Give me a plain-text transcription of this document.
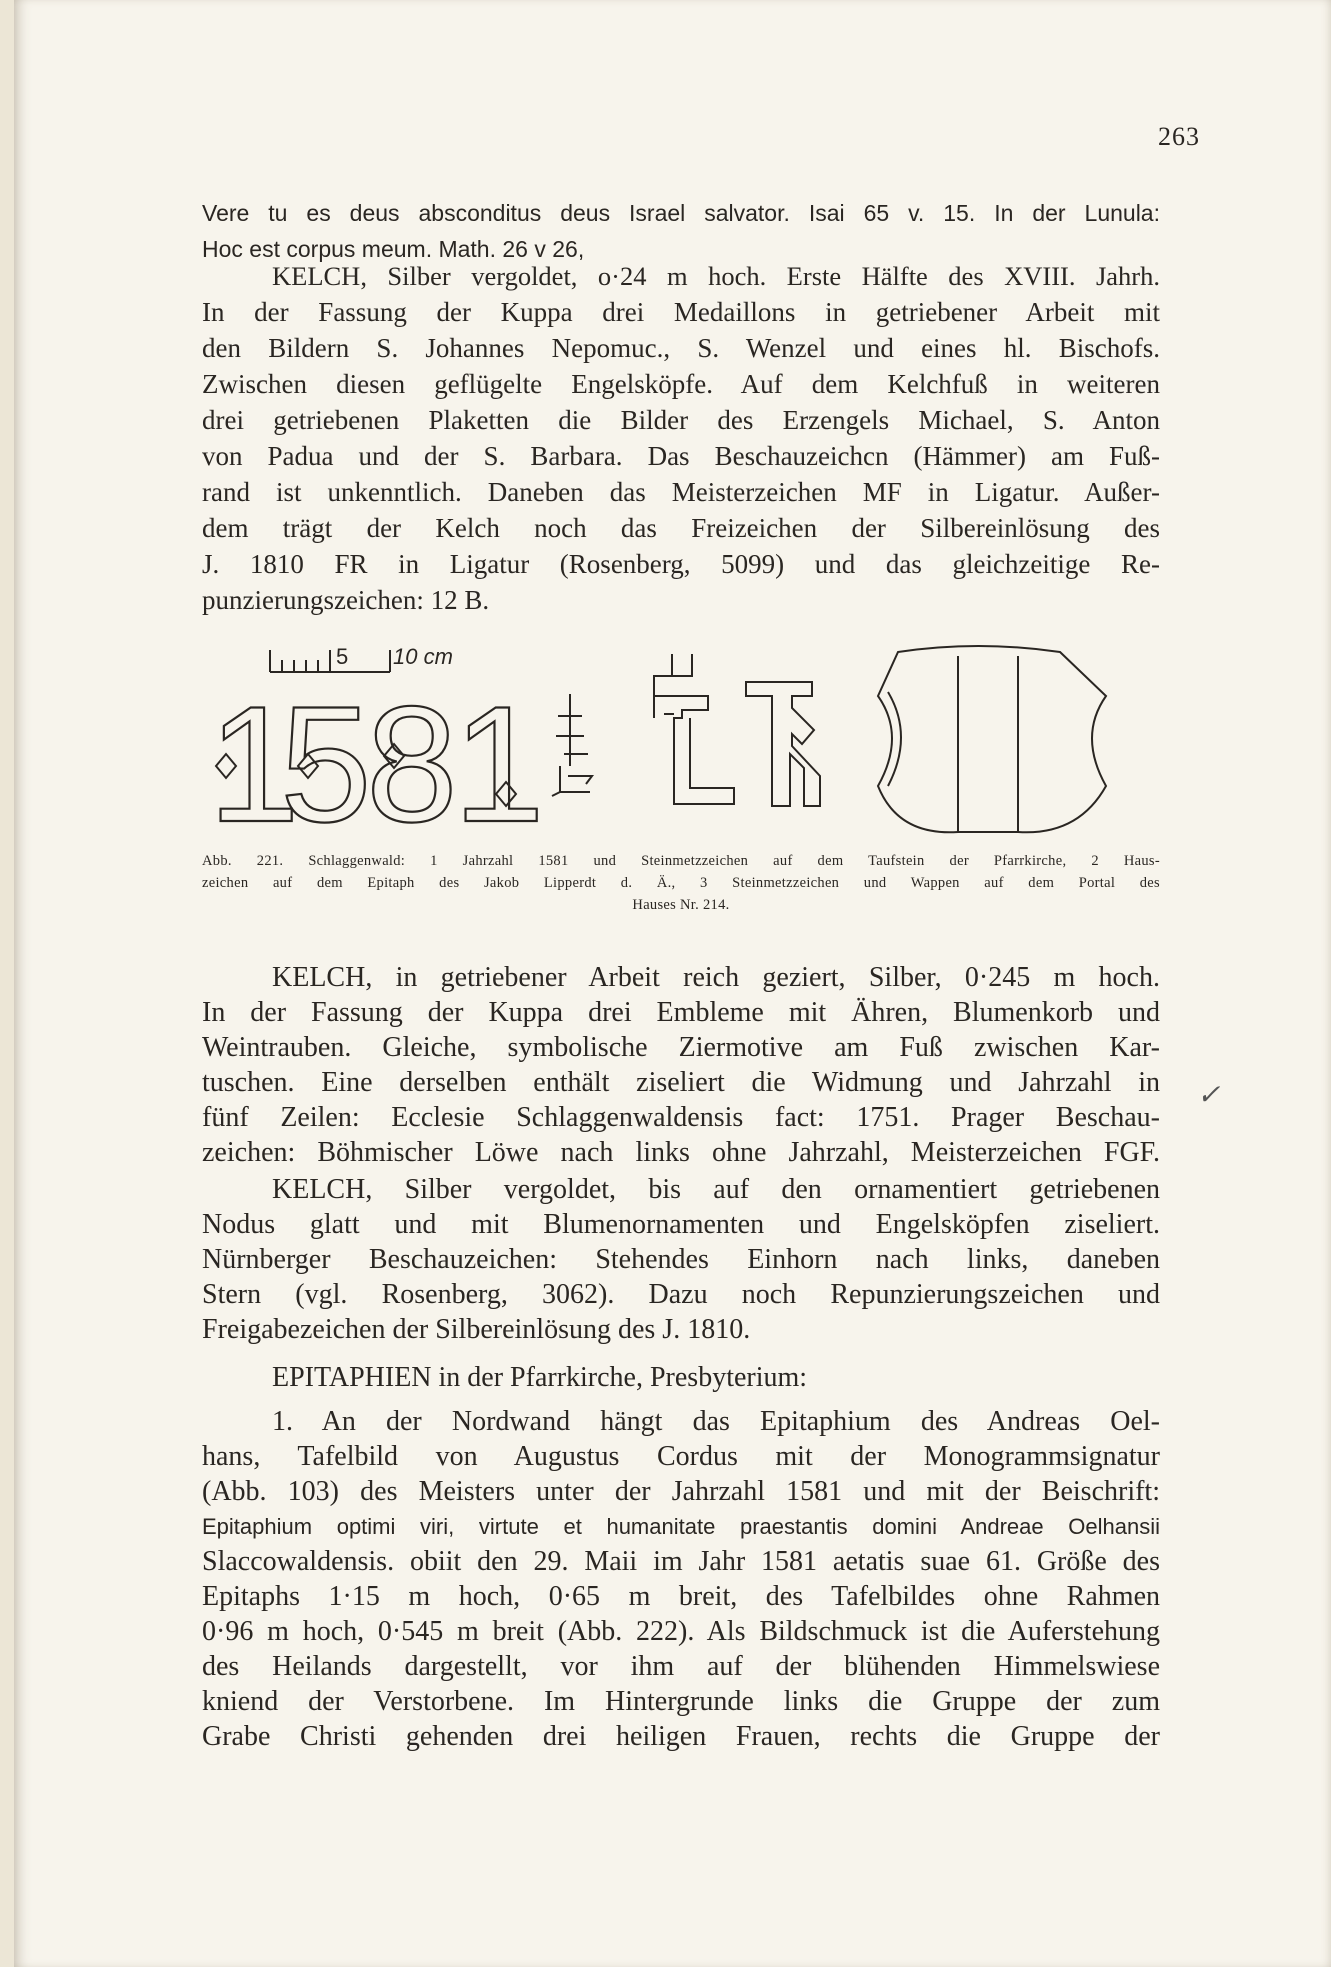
263
Vere tu es deus absconditus deus Israel salvator. Isai 65 v. 15. In der Lunula:
Hoc est corpus meum. Math. 26 v 26,
KELCH, Silber vergoldet, o·24 m hoch. Erste Hälfte des XVIII. Jahrh.
In der Fassung der Kuppa drei Medaillons in getriebener Arbeit mit
den Bildern S. Johannes Nepomuc., S. Wenzel und eines hl. Bischofs.
Zwischen diesen geflügelte Engelsköpfe. Auf dem Kelchfuß in weiteren
drei getriebenen Plaketten die Bilder des Erzengels Michael, S. Anton
von Padua und der S. Barbara. Das Beschauzeichcn (Hämmer) am Fuß-
rand ist unkenntlich. Daneben das Meisterzeichen MF in Ligatur. Außer-
dem trägt der Kelch noch das Freizeichen der Silbereinlösung des
J. 1810 FR in Ligatur (Rosenberg, 5099) und das gleichzeitige Re-
punzierungszeichen: 12 B.
Abb. 221. Schlaggenwald: 1 Jahrzahl 1581 und Steinmetzzeichen auf dem Taufstein der Pfarrkirche, 2 Haus-
zeichen auf dem Epitaph des Jakob Lipperdt d. Ä., 3 Steinmetzzeichen und Wappen auf dem Portal des
Hauses Nr. 214.
KELCH, in getriebener Arbeit reich geziert, Silber, 0·245 m hoch.
In der Fassung der Kuppa drei Embleme mit Ähren, Blumenkorb und
Weintrauben. Gleiche, symbolische Ziermotive am Fuß zwischen Kar-
tuschen. Eine derselben enthält ziseliert die Widmung und Jahrzahl in
fünf Zeilen: Ecclesie Schlaggenwaldensis fact: 1751. Prager Beschau-
zeichen: Böhmischer Löwe nach links ohne Jahrzahl, Meisterzeichen FGF.
KELCH, Silber vergoldet, bis auf den ornamentiert getriebenen
Nodus glatt und mit Blumenornamenten und Engelsköpfen ziseliert.
Nürnberger Beschauzeichen: Stehendes Einhorn nach links, daneben
Stern (vgl. Rosenberg, 3062). Dazu noch Repunzierungszeichen und
Freigabezeichen der Silbereinlösung des J. 1810.
EPITAPHIEN in der Pfarrkirche, Presbyterium:
1. An der Nordwand hängt das Epitaphium des Andreas Oel-
hans, Tafelbild von Augustus Cordus mit der Monogrammsignatur
(Abb. 103) des Meisters unter der Jahrzahl 1581 und mit der Beischrift:
Epitaphium optimi viri, virtute et humanitate praestantis domini Andreae Oelhansii
Slaccowaldensis. obiit den 29. Maii im Jahr 1581 aetatis suae 61. Größe des
Epitaphs 1·15 m hoch, 0·65 m breit, des Tafelbildes ohne Rahmen
0·96 m hoch, 0·545 m breit (Abb. 222). Als Bildschmuck ist die Auferstehung
des Heilands dargestellt, vor ihm auf der blühenden Himmelswiese
kniend der Verstorbene. Im Hintergrunde links die Gruppe der zum
Grabe Christi gehenden drei heiligen Frauen, rechts die Gruppe der
✓
5 10 cm
1
5
8
1
